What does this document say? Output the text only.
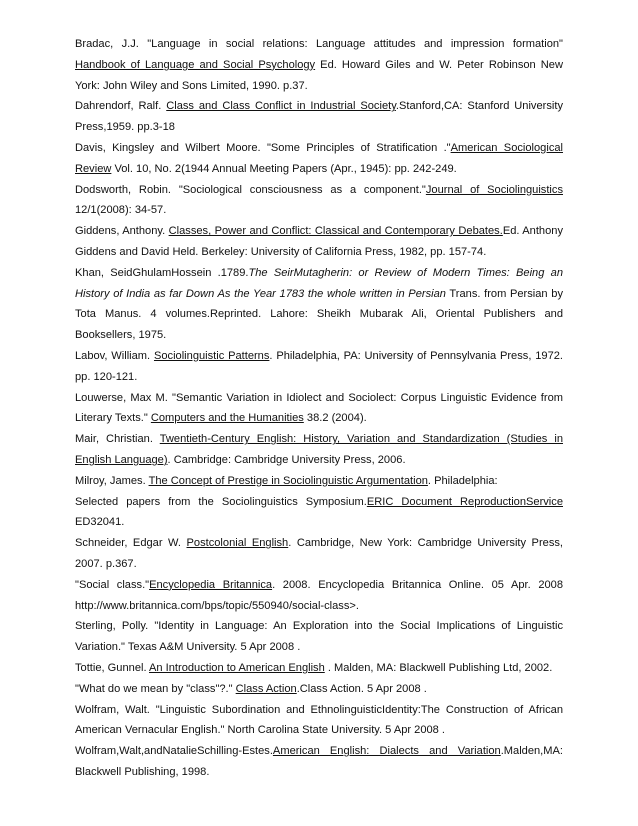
Bradac, J.J. "Language in social relations: Language attitudes and impression formation" Handbook of Language and Social Psychology Ed. Howard Giles and W. Peter Robinson New York: John Wiley and Sons Limited, 1990. p.37.

Dahrendorf, Ralf. Class and Class Conflict in Industrial Society.Stanford,CA: Stanford University Press,1959. pp.3-18

Davis, Kingsley and Wilbert Moore. "Some Principles of Stratification ."American Sociological Review Vol. 10, No. 2(1944 Annual Meeting Papers (Apr., 1945): pp. 242-249.

Dodsworth, Robin. "Sociological consciousness as a component."Journal of Sociolinguistics 12/1(2008): 34-57.

Giddens, Anthony. Classes, Power and Conflict: Classical and Contemporary Debates.Ed. Anthony Giddens and David Held. Berkeley: University of California Press, 1982, pp. 157-74.

Khan, SeidGhulamHossein .1789.The SeirMutagherin: or Review of Modern Times: Being an History of India as far Down As the Year 1783 the whole written in Persian Trans. from Persian by Tota Manus. 4 volumes.Reprinted. Lahore: Sheikh Mubarak Ali, Oriental Publishers and Booksellers, 1975.

Labov, William. Sociolinguistic Patterns. Philadelphia, PA: University of Pennsylvania Press, 1972. pp. 120-121.

Louwerse, Max M. "Semantic Variation in Idiolect and Sociolect: Corpus Linguistic Evidence from Literary Texts." Computers and the Humanities 38.2 (2004).

Mair, Christian. Twentieth-Century English: History, Variation and Standardization (Studies in English Language). Cambridge: Cambridge University Press, 2006.

Milroy, James. The Concept of Prestige in Sociolinguistic Argumentation. Philadelphia:

Selected papers from the Sociolinguistics Symposium.ERIC Document ReproductionService ED32041.

Schneider, Edgar W. Postcolonial English. Cambridge, New York: Cambridge University Press, 2007. p.367.

"Social class."Encyclopedia Britannica. 2008. Encyclopedia Britannica Online. 05 Apr. 2008 http://www.britannica.com/bps/topic/550940/social-class>.

Sterling, Polly. "Identity in Language: An Exploration into the Social Implications of Linguistic Variation." Texas A&M University. 5 Apr 2008 .

Tottie, Gunnel. An Introduction to American English . Malden, MA: Blackwell Publishing Ltd, 2002.

"What do we mean by "class"?." Class Action.Class Action. 5 Apr 2008 .

Wolfram, Walt. "Linguistic Subordination and EthnolinguisticIdentity:The Construction of African American Vernacular English." North Carolina State University. 5 Apr 2008 .

Wolfram,Walt,andNatalieSchilling-Estes.American English: Dialects and Variation.Malden,MA: Blackwell Publishing, 1998.
